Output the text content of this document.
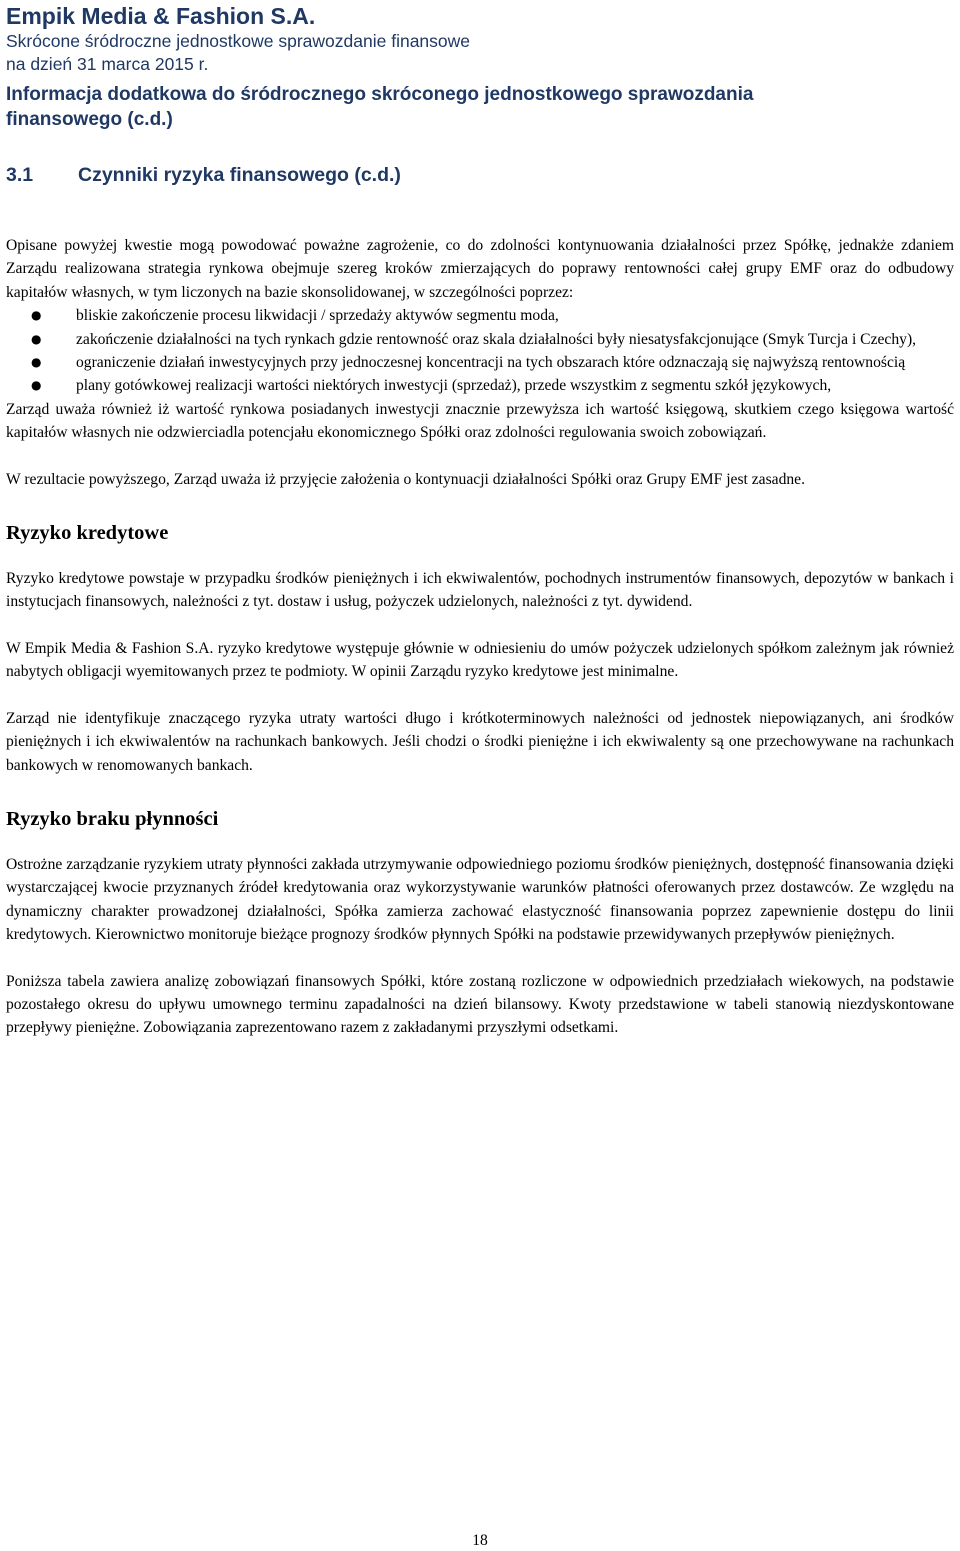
Empik Media & Fashion S.A.
Skrócone śródroczne jednostkowe sprawozdanie finansowe
na dzień 31 marca 2015 r.
Informacja dodatkowa do śródrocznego skróconego jednostkowego sprawozdania
finansowego (c.d.)
3.1 Czynniki ryzyka finansowego (c.d.)

Opisane powyżej kwestie mogą powodować poważne zagrożenie, co do zdolności kontynuowania działalności przez Spółkę, jednakże zdaniem Zarządu realizowana strategia rynkowa obejmuje szereg kroków zmierzających do poprawy rentowności całej grupy EMF oraz do odbudowy kapitałów własnych, w tym liczonych na bazie skonsolidowanej, w szczególności poprzez:

● bliskie zakończenie procesu likwidacji / sprzedaży aktywów segmentu moda,
● zakończenie działalności na tych rynkach gdzie rentowność oraz skala działalności były niesatysfakcjonujące (Smyk Turcja i Czechy),
● ograniczenie działań inwestycyjnych przy jednoczesnej koncentracji na tych obszarach które odznaczają się najwyższą rentownością
● plany gotówkowej realizacji wartości niektórych inwestycji (sprzedaż), przede wszystkim z segmentu szkół językowych,

Zarząd uważa również iż wartość rynkowa posiadanych inwestycji znacznie przewyższa ich wartość księgową, skutkiem czego księgowa wartość kapitałów własnych nie odzwierciadla potencjału ekonomicznego Spółki oraz zdolności regulowania swoich zobowiązań.

W rezultacie powyższego, Zarząd uważa iż przyjęcie założenia o kontynuacji działalności Spółki oraz Grupy EMF jest zasadne.

Ryzyko kredytowe

Ryzyko kredytowe powstaje w przypadku środków pieniężnych i ich ekwiwalentów, pochodnych instrumentów finansowych, depozytów w bankach i instytucjach finansowych, należności z tyt. dostaw i usług, pożyczek udzielonych, należności z tyt. dywidend.

W Empik Media & Fashion S.A. ryzyko kredytowe występuje głównie w odniesieniu do umów pożyczek udzielonych spółkom zależnym jak również nabytych obligacji wyemitowanych przez te podmioty. W opinii Zarządu ryzyko kredytowe jest minimalne.

Zarząd nie identyfikuje znaczącego ryzyka utraty wartości długo i krótkoterminowych należności od jednostek niepowiązanych, ani środków pieniężnych i ich ekwiwalentów na rachunkach bankowych. Jeśli chodzi o środki pieniężne i ich ekwiwalenty są one przechowywane na rachunkach bankowych w renomowanych bankach.

Ryzyko braku płynności

Ostrożne zarządzanie ryzykiem utraty płynności zakłada utrzymywanie odpowiedniego poziomu środków pieniężnych, dostępność finansowania dzięki wystarczającej kwocie przyznanych źródeł kredytowania oraz wykorzystywanie warunków płatności oferowanych przez dostawców. Ze względu na dynamiczny charakter prowadzonej działalności, Spółka zamierza zachować elastyczność finansowania poprzez zapewnienie dostępu do linii kredytowych. Kierownictwo monitoruje bieżące prognozy środków płynnych Spółki na podstawie przewidywanych przepływów pieniężnych.

Poniższa tabela zawiera analizę zobowiązań finansowych Spółki, które zostaną rozliczone w odpowiednich przedziałach wiekowych, na podstawie pozostałego okresu do upływu umownego terminu zapadalności na dzień bilansowy. Kwoty przedstawione w tabeli stanowią niezdyskontowane przepływy pieniężne. Zobowiązania zaprezentowano razem z zakładanymi przyszłymi odsetkami.

18
